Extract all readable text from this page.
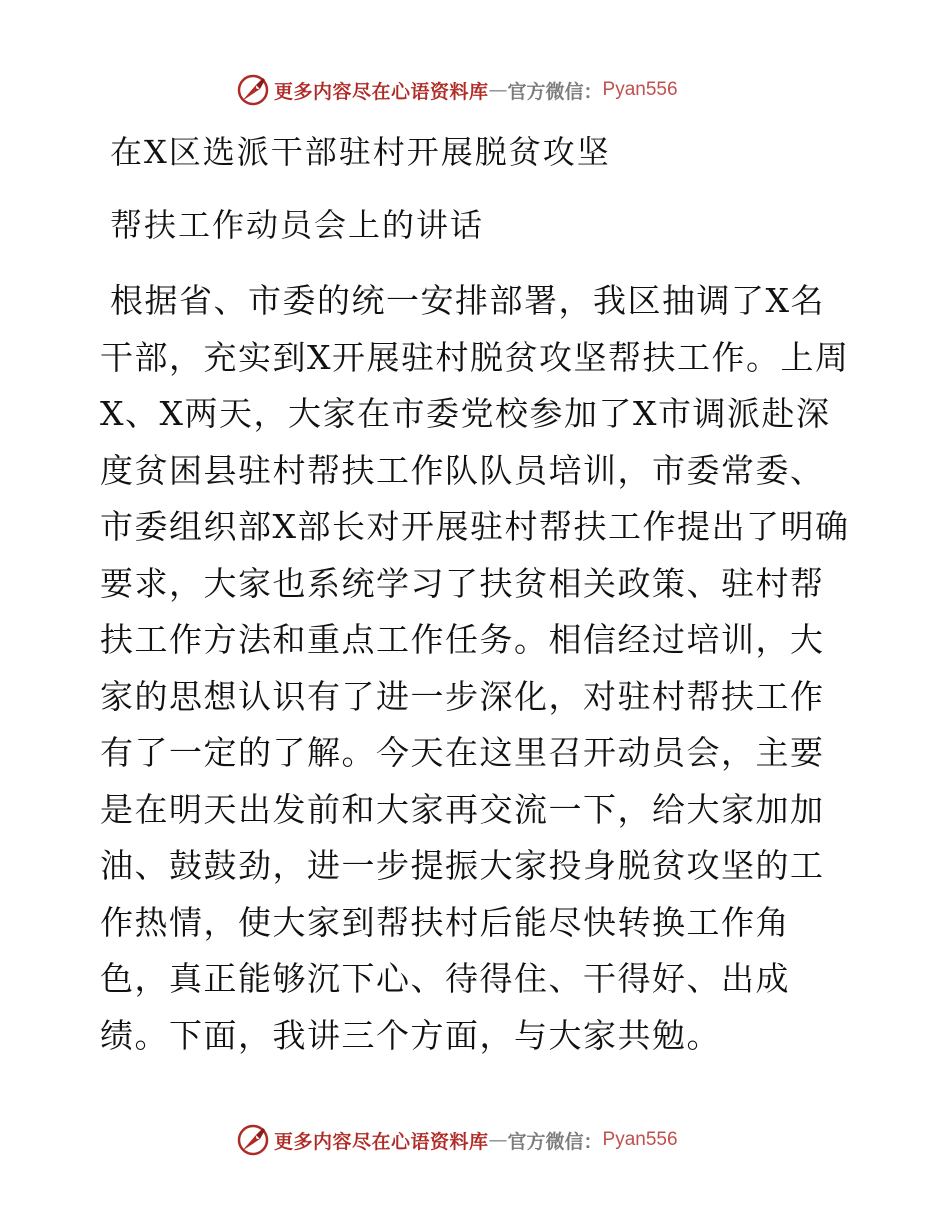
更多内容尽在心语资料库 — 官方微信： Pyan556
在X区选派干部驻村开展脱贫攻坚
帮扶工作动员会上的讲话
根据省、市委的统一安排部署，我区抽调了X名干部，充实到X开展驻村脱贫攻坚帮扶工作。上周X、X两天，大家在市委党校参加了X市调派赴深度贫困县驻村帮扶工作队队员培训，市委常委、市委组织部X部长对开展驻村帮扶工作提出了明确要求，大家也系统学习了扶贫相关政策、驻村帮扶工作方法和重点工作任务。相信经过培训，大家的思想认识有了进一步深化，对驻村帮扶工作有了一定的了解。今天在这里召开动员会，主要是在明天出发前和大家再交流一下，给大家加加油、鼓鼓劲，进一步提振大家投身脱贫攻坚的工作热情，使大家到帮扶村后能尽快转换工作角色，真正能够沉下心、待得住、干得好、出成绩。下面，我讲三个方面，与大家共勉。
更多内容尽在心语资料库 — 官方微信： Pyan556
